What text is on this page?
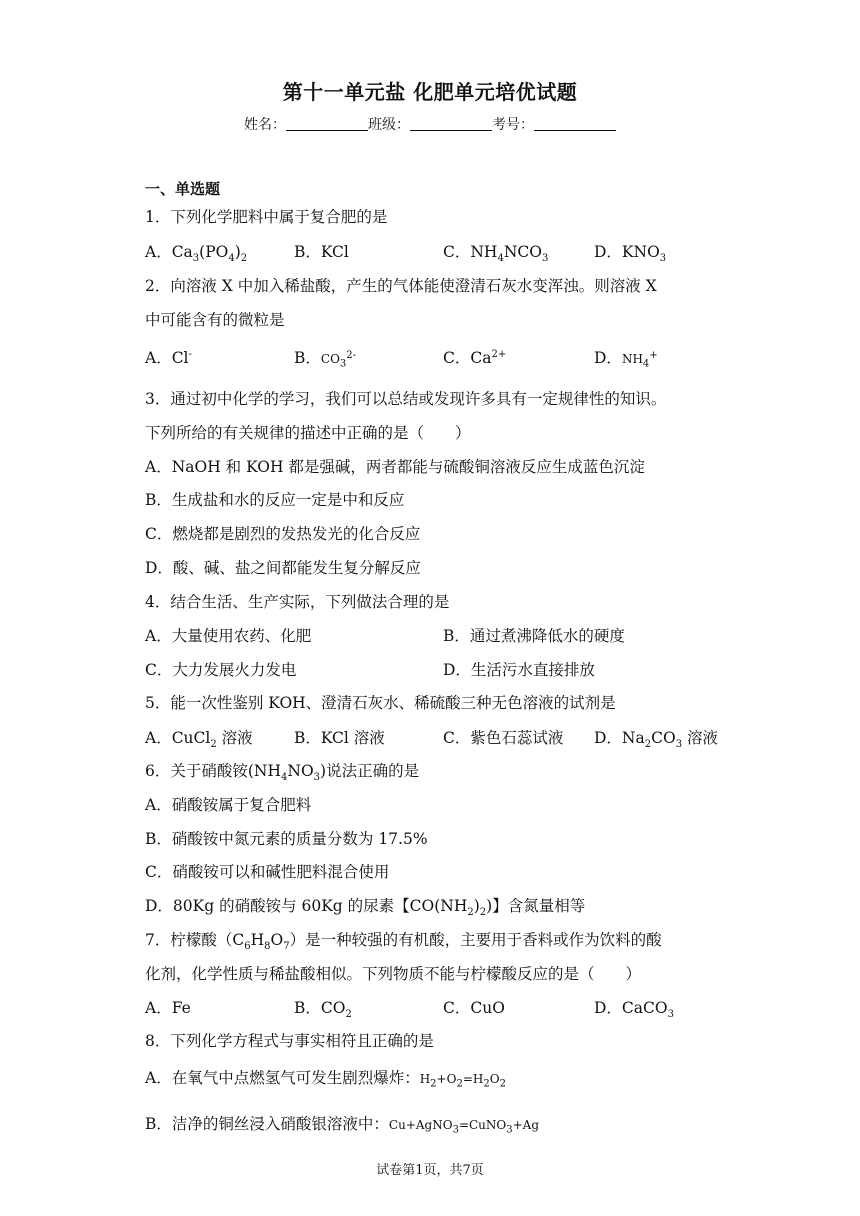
第十一单元盐 化肥单元培优试题
姓名：	班级：	考号：
一、单选题
1．下列化学肥料中属于复合肥的是
A．$Ca_3(PO_4)_2$	B．KCl	C．$NH_4NCO_3$	D．$KNO_3$
2．向溶液 X 中加入稀盐酸，产生的气体能使澄清石灰水变浑浊。则溶液 X
中可能含有的微粒是
A．Cl-	B．$CO_3^{2-}$	C．$Ca^{2+}$	D．$NH_4^+$
3．通过初中化学的学习，我们可以总结或发现许多具有一定规律性的知识。
下列所给的有关规律的描述中正确的是（　　）
A．NaOH 和 KOH 都是强碱，两者都能与硫酸铜溶液反应生成蓝色沉淀
B．生成盐和水的反应一定是中和反应
C．燃烧都是剧烈的发热发光的化合反应
D．酸、碱、盐之间都能发生复分解反应
4．结合生活、生产实际，下列做法合理的是
A．大量使用农药、化肥	B．通过煮沸降低水的硬度
C．大力发展火力发电	D．生活污水直接排放
5．能一次性鉴别 KOH、澄清石灰水、稀硫酸三种无色溶液的试剂是
A．CuCl$_2$ 溶液	B．KCl 溶液	C．紫色石蕊试液 D．$Na_2CO_3$ 溶液
6．关于硝酸铵$(NH_4NO_3)$说法正确的是
A．硝酸铵属于复合肥料
B．硝酸铵中氮元素的质量分数为 17.5%
C．硝酸铵可以和碱性肥料混合使用
D．80Kg 的硝酸铵与 60Kg 的尿素【$CO(NH_2)_2$)】含氮量相等
7．柠檬酸$(C_6H_8O_7)$是一种较强的有机酸，主要用于香料或作为饮料的酸
化剂，化学性质与稀盐酸相似。下列物质不能与柠檬酸反应的是（　　）
A．Fe	B．$CO_2$	C．CuO	D．CaCO$_3$
8．下列化学方程式与事实相符且正确的是
A．在氧气中点燃氢气可发生剧烈爆炸：$H_2+O_2=H_2O_2$
B．洁净的铜丝浸入硝酸银溶液中：Cu+AgNO$_3$=CuNO$_3$+Ag
试卷第1页，共7页
